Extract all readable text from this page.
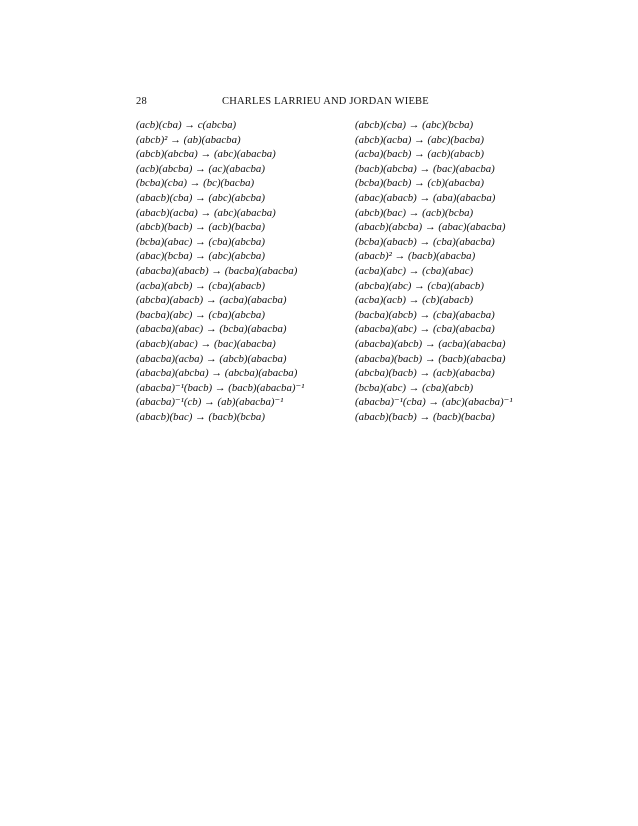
28	CHARLES LARRIEU AND JORDAN WIEBE
(acb)(cba) → c(abcba)
(abcb)² → (ab)(abacba)
(abcb)(abcba) → (abc)(abacba)
(acb)(abcba) → (ac)(abacba)
(bcba)(cba) → (bc)(bacba)
(abacb)(cba) → (abc)(abcba)
(abacb)(acba) → (abc)(abacba)
(abcb)(bacb) → (acb)(bacba)
(bcba)(abac) → (cba)(abcba)
(abac)(bcba) → (abc)(abcba)
(abacba)(abacb) → (bacba)(abacba)
(acba)(abcb) → (cba)(abacb)
(abcba)(abacb) → (acba)(abacba)
(bacba)(abc) → (cba)(abcba)
(abacba)(abac) → (bcba)(abacba)
(abacb)(abac) → (bac)(abacba)
(abacba)(acba) → (abcb)(abacba)
(abacba)(abcba) → (abcba)(abacba)
(abacba)⁻¹(bacb) → (bacb)(abacba)⁻¹
(abacba)⁻¹(cb) → (ab)(abacba)⁻¹
(abacb)(bac) → (bacb)(bcba)
(abcb)(cba) → (abc)(bcba)
(abcb)(acba) → (abc)(bacba)
(acba)(bacb) → (acb)(abacb)
(bacb)(abcba) → (bac)(abacba)
(bcba)(bacb) → (cb)(abacba)
(abac)(abacb) → (aba)(abacba)
(abcb)(bac) → (acb)(bcba)
(abacb)(abcba) → (abac)(abacba)
(bcba)(abacb) → (cba)(abacba)
(abacb)² → (bacb)(abacba)
(acba)(abc) → (cba)(abac)
(abcba)(abc) → (cba)(abacb)
(acba)(acb) → (cb)(abacb)
(bacba)(abcb) → (cba)(abacba)
(abacba)(abc) → (cba)(abacba)
(abacba)(abcb) → (acba)(abacba)
(abacba)(bacb) → (bacb)(abacba)
(abcba)(bacb) → (acb)(abacba)
(bcba)(abc) → (cba)(abcb)
(abacba)⁻¹(cba) → (abc)(abacba)⁻¹
(abacb)(bacb) → (bacb)(bacba)
